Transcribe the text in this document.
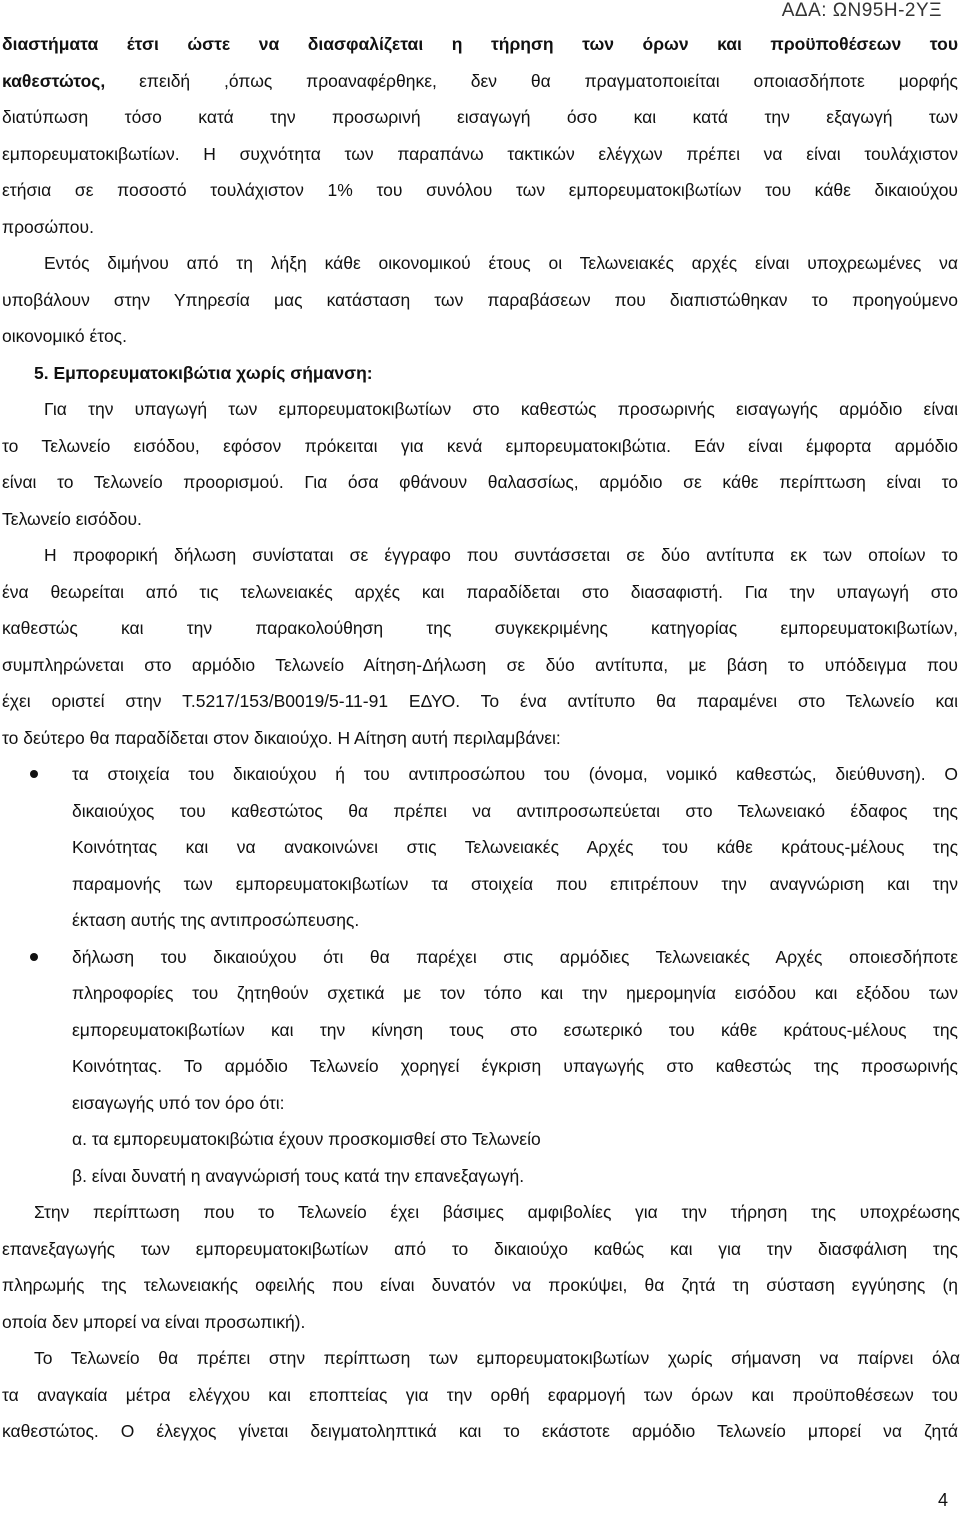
ΑΔΑ: ΩΝ95Η-2ΥΞ
διαστήματα έτσι ώστε να διασφαλίζεται η τήρηση των όρων και προϋποθέσεων του
καθεστώτος, επειδή ,όπως προαναφέρθηκε, δεν θα πραγματοποιείται οποιασδήποτε μορφής
διατύπωση τόσο κατά την προσωρινή εισαγωγή όσο και κατά την εξαγωγή των
εμπορευματοκιβωτίων. Η συχνότητα των παραπάνω τακτικών ελέγχων πρέπει να είναι τουλάχιστον
ετήσια σε ποσοστό τουλάχιστον 1% του συνόλου των εμπορευματοκιβωτίων του κάθε δικαιούχου
προσώπου.
Εντός διμήνου από τη λήξη κάθε οικονομικού έτους οι Τελωνειακές αρχές είναι υποχρεωμένες να
υποβάλουν στην Υπηρεσία μας κατάσταση των παραβάσεων που διαπιστώθηκαν το προηγούμενο
οικονομικό έτος.
5. Εμπορευματοκιβώτια χωρίς σήμανση:
Για την υπαγωγή των εμπορευματοκιβωτίων στο καθεστώς προσωρινής εισαγωγής αρμόδιο είναι
το Τελωνείο εισόδου, εφόσον πρόκειται για κενά εμπορευματοκιβώτια. Εάν είναι έμφορτα αρμόδιο
είναι το Τελωνείο προορισμού. Για όσα φθάνουν θαλασσίως, αρμόδιο σε κάθε περίπτωση είναι το
Τελωνείο εισόδου.
Η προφορική δήλωση συνίσταται σε έγγραφο που συντάσσεται σε δύο αντίτυπα εκ των οποίων το
ένα θεωρείται από τις τελωνειακές αρχές και παραδίδεται στο διασαφιστή. Για την υπαγωγή στο
καθεστώς και την παρακολούθηση της συγκεκριμένης κατηγορίας εμπορευματοκιβωτίων,
συμπληρώνεται στο αρμόδιο Τελωνείο Αίτηση-Δήλωση σε δύο αντίτυπα, με βάση το υπόδειγμα που
έχει οριστεί στην Τ.5217/153/Β0019/5-11-91 ΕΔΥΟ. Το ένα αντίτυπο θα παραμένει στο Τελωνείο και
το δεύτερο θα παραδίδεται στον δικαιούχο. Η Αίτηση αυτή περιλαμβάνει:
τα στοιχεία του δικαιούχου ή του αντιπροσώπου του (όνομα, νομικό καθεστώς, διεύθυνση). Ο
δικαιούχος του καθεστώτος θα πρέπει να αντιπροσωπεύεται στο Τελωνειακό έδαφος της
Κοινότητας και να ανακοινώνει στις Τελωνειακές Αρχές του κάθε κράτους-μέλους της
παραμονής των εμπορευματοκιβωτίων τα στοιχεία που επιτρέπουν την αναγνώριση και την
έκταση αυτής της αντιπροσώπευσης.
δήλωση του δικαιούχου ότι θα παρέχει στις αρμόδιες Τελωνειακές Αρχές οποιεσδήποτε
πληροφορίες του ζητηθούν σχετικά με τον τόπο και την ημερομηνία εισόδου και εξόδου των
εμπορευματοκιβωτίων και την κίνηση τους στο εσωτερικό του κάθε κράτους-μέλους της
Κοινότητας. Το αρμόδιο Τελωνείο χορηγεί έγκριση υπαγωγής στο καθεστώς της προσωρινής
εισαγωγής υπό τον όρο ότι:
α. τα εμπορευματοκιβώτια έχουν προσκομισθεί στο Τελωνείο
β. είναι δυνατή η αναγνώρισή τους κατά την επανεξαγωγή.
Στην περίπτωση που το Τελωνείο έχει βάσιμες αμφιβολίες για την τήρηση της υποχρέωσης
επανεξαγωγής των εμπορευματοκιβωτίων από το δικαιούχο καθώς και για την διασφάλιση της
πληρωμής της τελωνειακής οφειλής που είναι δυνατόν να προκύψει, θα ζητά τη σύσταση εγγύησης (η
οποία δεν μπορεί να είναι προσωπική).
Το Τελωνείο θα πρέπει στην περίπτωση των εμπορευματοκιβωτίων χωρίς σήμανση να παίρνει όλα
τα αναγκαία μέτρα ελέγχου και εποπτείας για την ορθή εφαρμογή των όρων και προϋποθέσεων του
καθεστώτος. Ο έλεγχος γίνεται δειγματοληπτικά και το εκάστοτε αρμόδιο Τελωνείο μπορεί να ζητά
4
